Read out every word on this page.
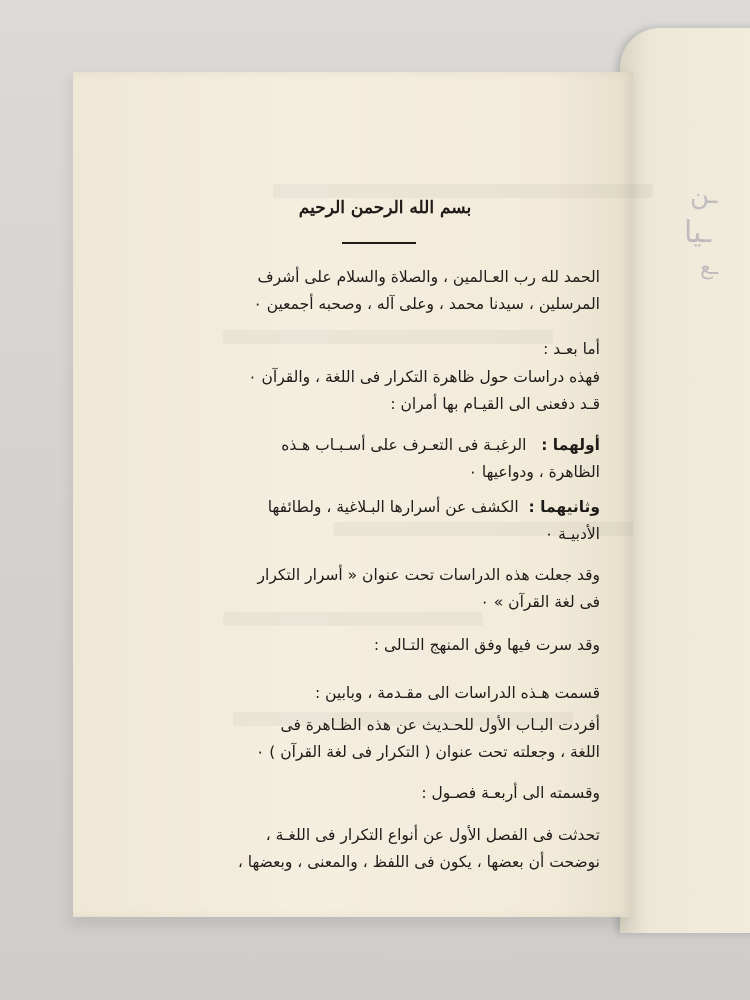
ـن
ـيا
ـع
بسم الله الرحمن الرحيم
الحمد لله رب العـالمين ، والصلاة والسلام على أشرف
المرسلين ، سيدنا محمد ، وعلى آله ، وصحبه أجمعين ٠
أما بعـد :
فهذه دراسات حول ظاهرة التكرار فى اللغة ، والقرآن ٠
قـد دفعنى الى القيـام بها أمران :
أولهما :   الرغبـة فى التعـرف على أسـبـاب هـذه
الظاهرة ، ودواعيها ٠
وثانيهما :  الكشف عن أسرارها البـلاغية ، ولطائفها
الأدبيـة ٠
وقد جعلت هذه الدراسات تحت عنوان « أسرار التكرار
فى لغة القرآن » ٠
وقد سرت فيها وفق المنهج التـالى :
قسمت هـذه الدراسات الى مقـدمة ، وبابين :
أفردت البـاب الأول للحـديث عن هذه الظـاهرة فى
اللغة ، وجعلته تحت عنوان ( التكرار فى لغة القرآن ) ٠
وقسمته الى أربعـة فصـول :
تحدثت فى الفصل الأول عن أنواع التكرار فى اللغـة ،
نوضحت أن بعضها ، يكون فى اللفظ ، والمعنى ، وبعضها ،
